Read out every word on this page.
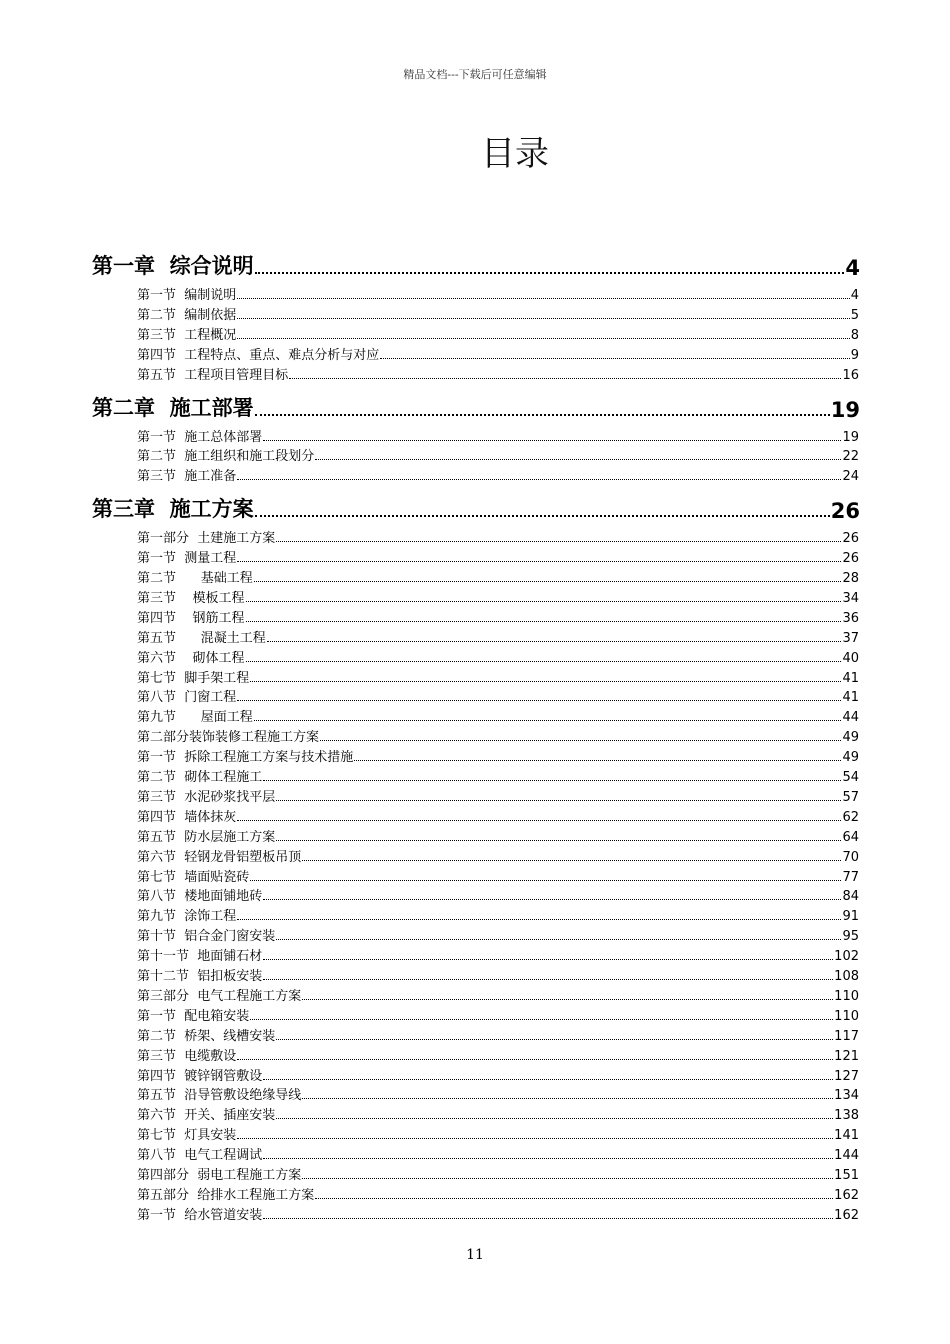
精品文档---下载后可任意编辑
目录
第一章  综合说明	4
第一节  编制说明	4
第二节  编制依据	5
第三节  工程概况	8
第四节  工程特点、重点、难点分析与对应	9
第五节  工程项目管理目标	16
第二章  施工部署	19
第一节  施工总体部署	19
第二节  施工组织和施工段划分	22
第三节  施工准备	24
第三章  施工方案	26
第一部分  土建施工方案	26
第一节  测量工程	26
第二节      基础工程	28
第三节    模板工程	34
第四节    钢筋工程	36
第五节      混凝土工程	37
第六节    砌体工程	40
第七节  脚手架工程	41
第八节  门窗工程	41
第九节      屋面工程	44
第二部分装饰装修工程施工方案	49
第一节  拆除工程施工方案与技术措施	49
第二节  砌体工程施工	54
第三节  水泥砂浆找平层	57
第四节  墙体抹灰	62
第五节  防水层施工方案	64
第六节  轻钢龙骨铝塑板吊顶	70
第七节  墙面贴瓷砖	77
第八节  楼地面铺地砖	84
第九节  涂饰工程	91
第十节  铝合金门窗安装	95
第十一节  地面铺石材	102
第十二节  铝扣板安装	108
第三部分  电气工程施工方案	110
第一节  配电箱安装	110
第二节  桥架、线槽安装	117
第三节  电缆敷设	121
第四节  镀锌钢管敷设	127
第五节  沿导管敷设绝缘导线	134
第六节  开关、插座安装	138
第七节  灯具安装	141
第八节  电气工程调试	144
第四部分  弱电工程施工方案	151
第五部分  给排水工程施工方案	162
第一节  给水管道安装	162
11
